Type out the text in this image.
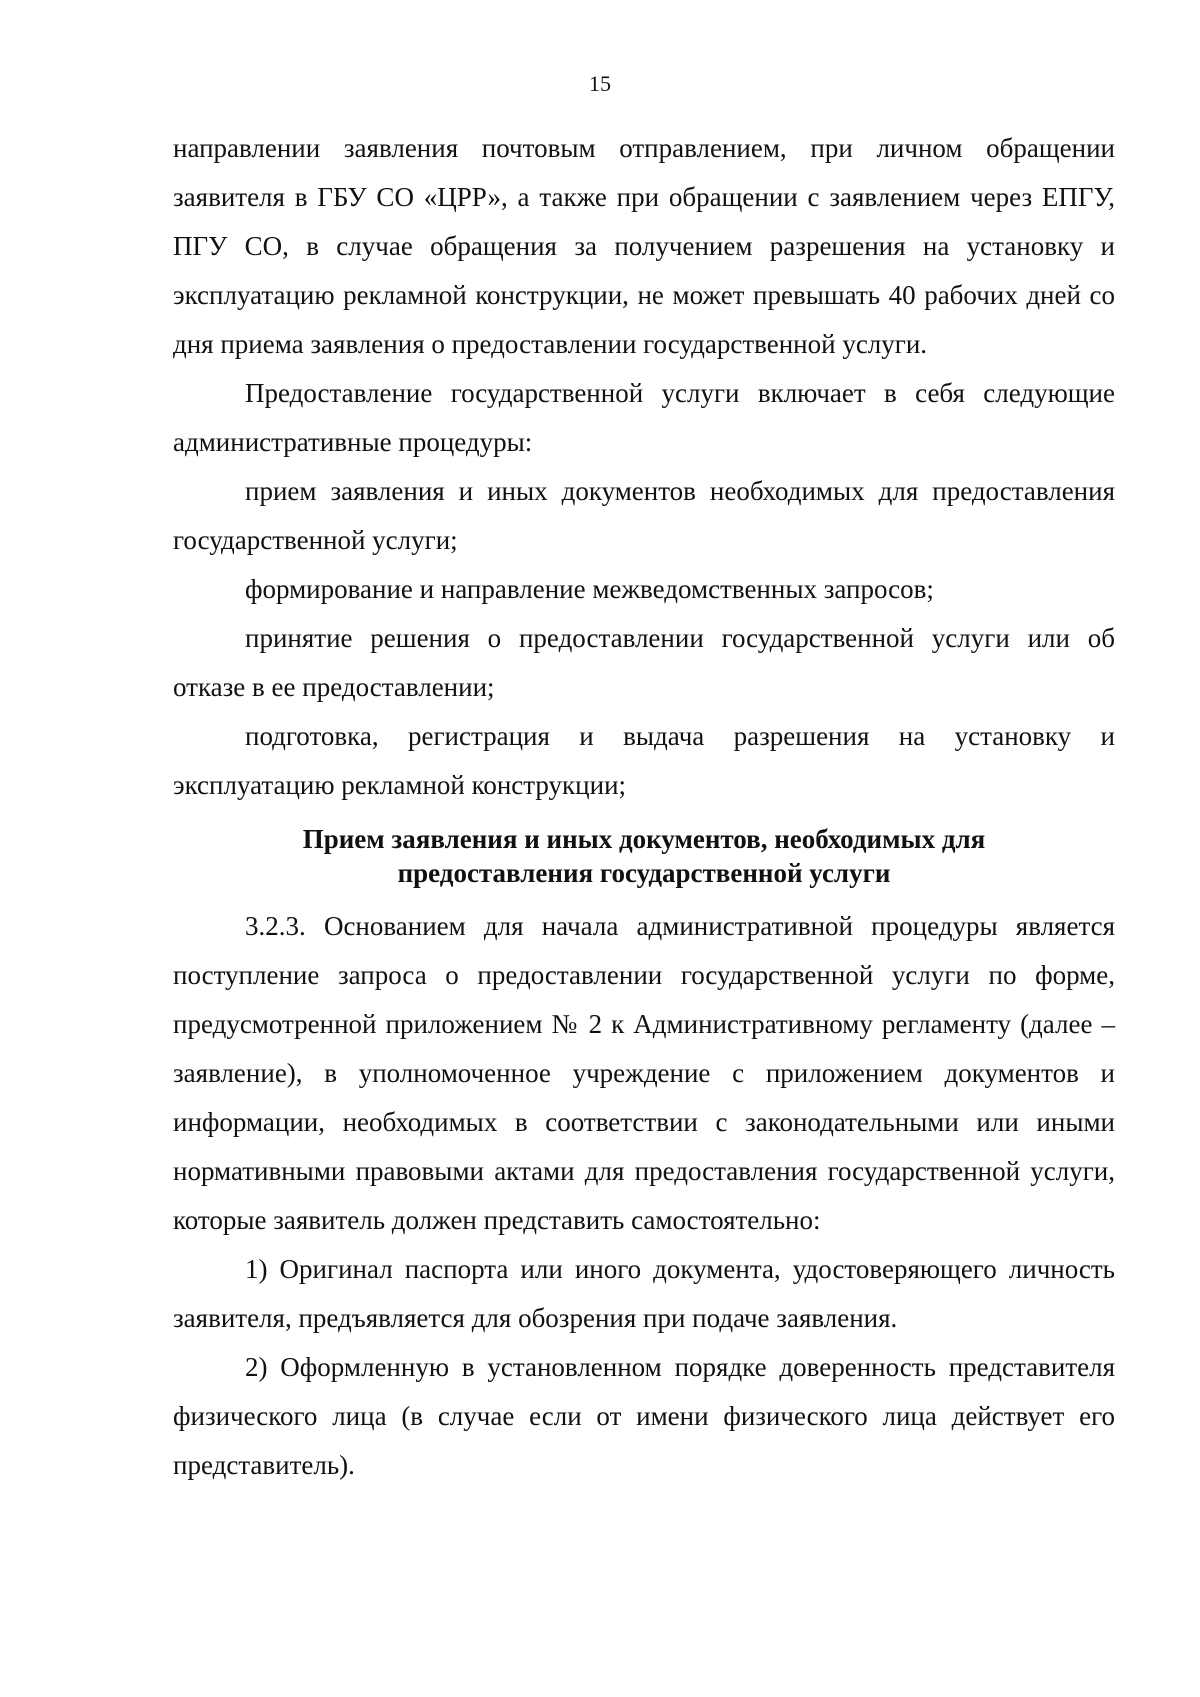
15

направлении заявления почтовым отправлением, при личном обращении заявителя в ГБУ СО «ЦРР», а также при обращении с заявлением через ЕПГУ, ПГУ СО, в случае обращения за получением разрешения на установку и эксплуатацию рекламной конструкции, не может превышать 40 рабочих дней со дня приема заявления о предоставлении государственной услуги.

Предоставление государственной услуги включает в себя следующие административные процедуры:

прием заявления и иных документов необходимых для предоставления государственной услуги;

формирование и направление межведомственных запросов;

принятие решения о предоставлении государственной услуги или об отказе в ее предоставлении;

подготовка, регистрация и выдача разрешения на установку и эксплуатацию рекламной конструкции;

Прием заявления и иных документов, необходимых для предоставления государственной услуги

3.2.3. Основанием для начала административной процедуры является поступление запроса о предоставлении государственной услуги по форме, предусмотренной приложением № 2 к Административному регламенту (далее – заявление), в уполномоченное учреждение с приложением документов и информации, необходимых в соответствии с законодательными или иными нормативными правовыми актами для предоставления государственной услуги, которые заявитель должен представить самостоятельно:

1) Оригинал паспорта или иного документа, удостоверяющего личность заявителя, предъявляется для обозрения при подаче заявления.

2) Оформленную в установленном порядке доверенность представителя физического лица (в случае если от имени физического лица действует его представитель).
